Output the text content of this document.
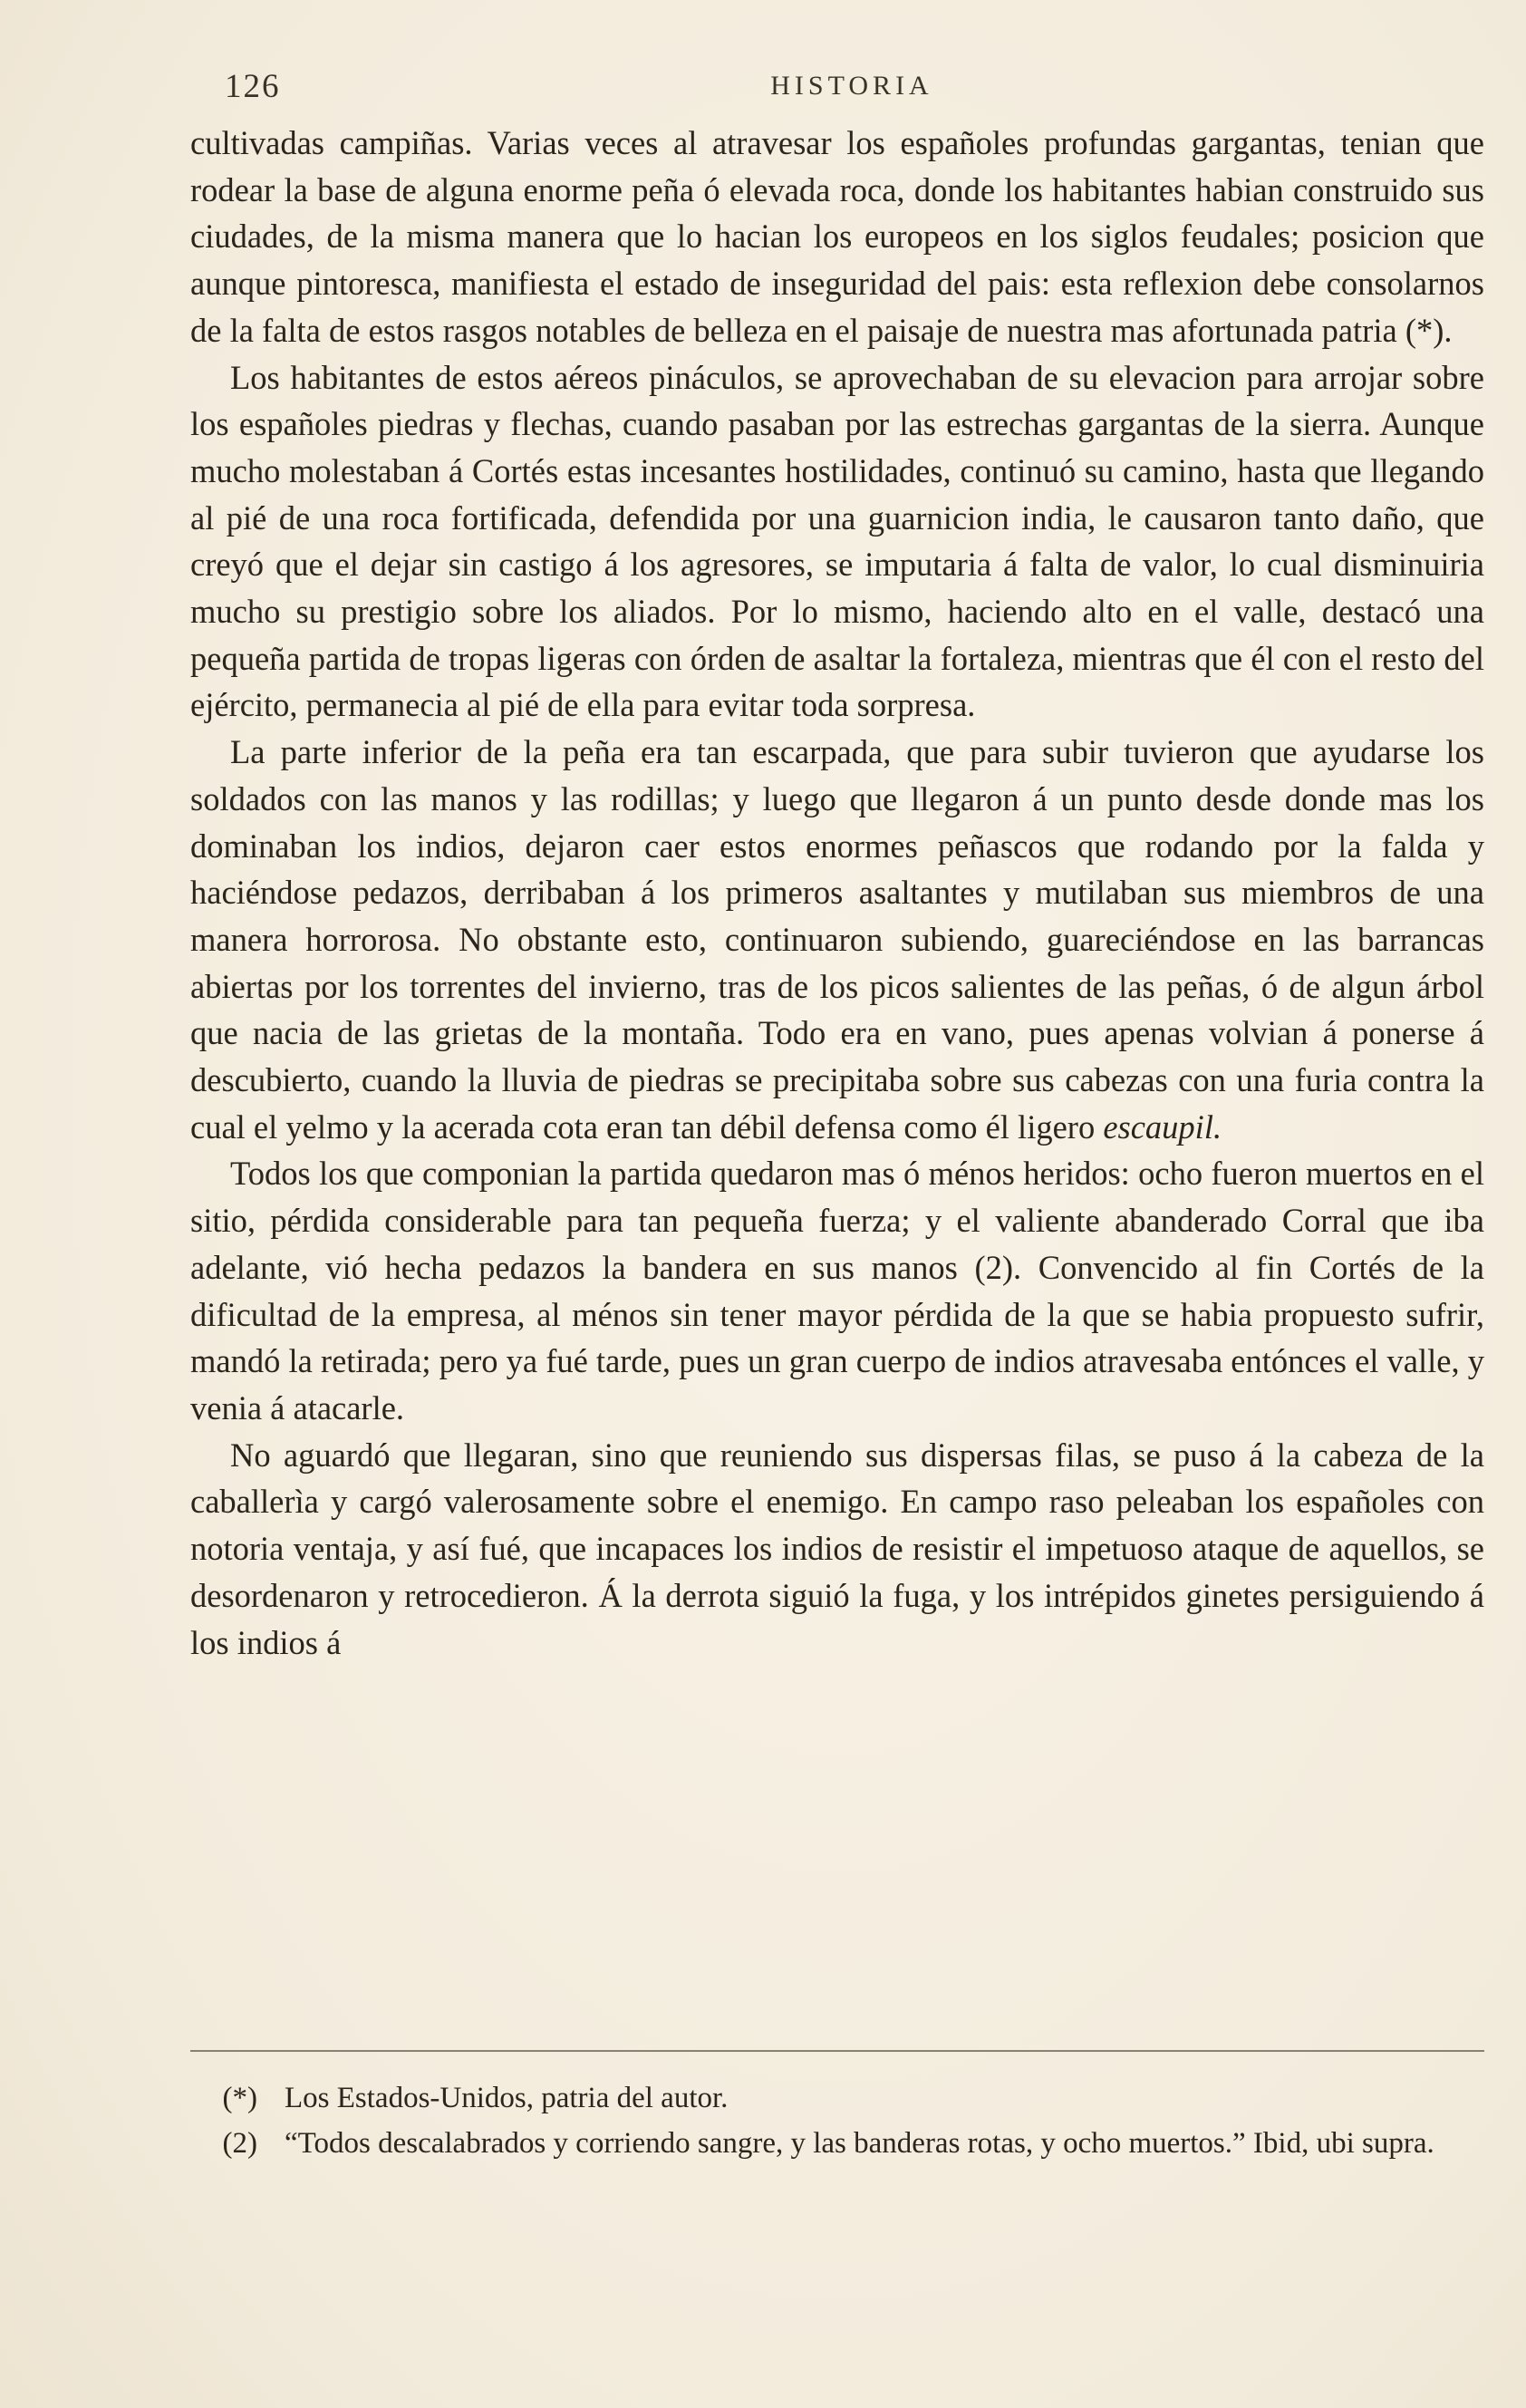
126	HISTORIA

cultivadas campiñas. Varias veces al atravesar los españoles profundas gargantas, tenian que rodear la base de alguna enorme peña ó elevada roca, donde los habitantes habian construido sus ciudades, de la misma manera que lo hacian los europeos en los siglos feudales; posicion que aunque pintoresca, manifiesta el estado de inseguridad del pais: esta reflexion debe consolarnos de la falta de estos rasgos notables de belleza en el paisaje de nuestra mas afortunada patria (*).

Los habitantes de estos aéreos pináculos, se aprovechaban de su elevacion para arrojar sobre los españoles piedras y flechas, cuando pasaban por las estrechas gargantas de la sierra. Aunque mucho molestaban á Cortés estas incesantes hostilidades, continuó su camino, hasta que llegando al pié de una roca fortificada, defendida por una guarnicion india, le causaron tanto daño, que creyó que el dejar sin castigo á los agresores, se imputaria á falta de valor, lo cual disminuiria mucho su prestigio sobre los aliados. Por lo mismo, haciendo alto en el valle, destacó una pequeña partida de tropas ligeras con órden de asaltar la fortaleza, mientras que él con el resto del ejército, permanecia al pié de ella para evitar toda sorpresa.

La parte inferior de la peña era tan escarpada, que para subir tuvieron que ayudarse los soldados con las manos y las rodillas; y luego que llegaron á un punto desde donde mas los dominaban los indios, dejaron caer estos enormes peñascos que rodando por la falda y haciéndose pedazos, derribaban á los primeros asaltantes y mutilaban sus miembros de una manera horrorosa. No obstante esto, continuaron subiendo, guareciéndose en las barrancas abiertas por los torrentes del invierno, tras de los picos salientes de las peñas, ó de algun árbol que nacia de las grietas de la montaña. Todo era en vano, pues apenas volvian á ponerse á descubierto, cuando la lluvia de piedras se precipitaba sobre sus cabezas con una furia contra la cual el yelmo y la acerada cota eran tan débil defensa como él ligero escaupil.

Todos los que componian la partida quedaron mas ó ménos heridos: ocho fueron muertos en el sitio, pérdida considerable para tan pequeña fuerza; y el valiente abanderado Corral que iba adelante, vió hecha pedazos la bandera en sus manos (2). Convencido al fin Cortés de la dificultad de la empresa, al ménos sin tener mayor pérdida de la que se habia propuesto sufrir, mandó la retirada; pero ya fué tarde, pues un gran cuerpo de indios atravesaba entónces el valle, y venia á atacarle.

No aguardó que llegaran, sino que reuniendo sus dispersas filas, se puso á la cabeza de la caballerìa y cargó valerosamente sobre el enemigo. En campo raso peleaban los españoles con notoria ventaja, y así fué, que incapaces los indios de resistir el impetuoso ataque de aquellos, se desordenaron y retrocedieron. Á la derrota siguió la fuga, y los intrépidos ginetes persiguiendo á los indios á

(*) Los Estados-Unidos, patria del autor.

(2) “Todos descalabrados y corriendo sangre, y las banderas rotas, y ocho muertos.” Ibid, ubi supra.
